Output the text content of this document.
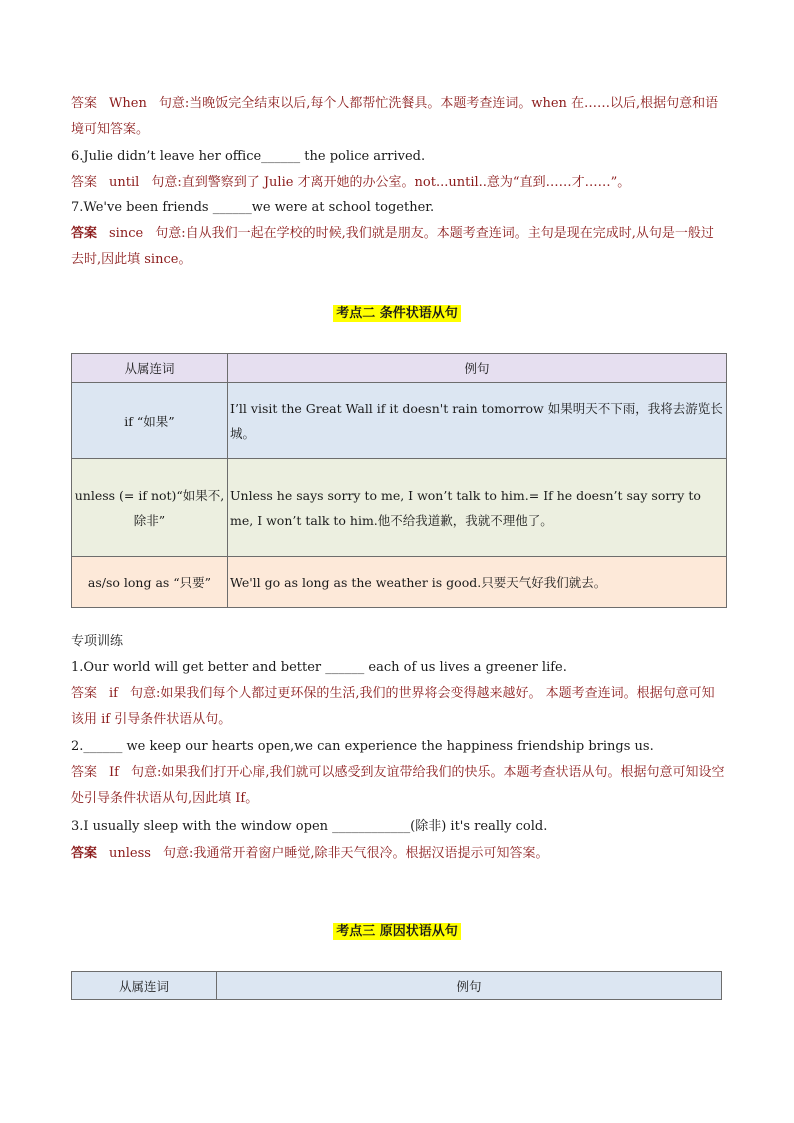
答案 When 句意:当晚饭完全结束以后,每个人都帮忙洗餐具。本题考查连词。when 在……以后,根据句意和语境可知答案。

6.Julie didn’t leave her office______ the police arrived.

答案 until 句意:直到警察到了 Julie 才离开她的办公室。not...until..意为“直到……才……”。

7.We've been friends ______we were at school together.

答案 since 句意:自从我们一起在学校的时候,我们就是朋友。本题考查连词。主句是现在完成时,从句是一般过去时,因此填 since。

考点二 条件状语从句
从属连词	例句
if “如果”	I’ll visit the Great Wall if it doesn't rain tomorrow 如果明天不下雨，我将去游览长城。
unless (= if not)“如果不,除非”	Unless he says sorry to me, I won’t talk to him.= If he doesn’t say sorry to me, I won’t talk to him.他不给我道歉，我就不理他了。
as/so long as “只要”	We'll go as long as the weather is good.只要天气好我们就去。

专项训练

1.Our world will get better and better ______ each of us lives a greener life.

答案 if 句意:如果我们每个人都过更环保的生活,我们的世界将会变得越来越好。 本题考查连词。根据句意可知该用 if 引导条件状语从句。

2.______ we keep our hearts open,we can experience the happiness friendship brings us.

答案 If 句意:如果我们打开心扉,我们就可以感受到友谊带给我们的快乐。本题考查状语从句。根据句意可知设空处引导条件状语从句,因此填 If。

3.I usually sleep with the window open ____________(除非) it's really cold.

答案 unless 句意:我通常开着窗户睡觉,除非天气很冷。根据汉语提示可知答案。

考点三 原因状语从句
从属连词	例句
